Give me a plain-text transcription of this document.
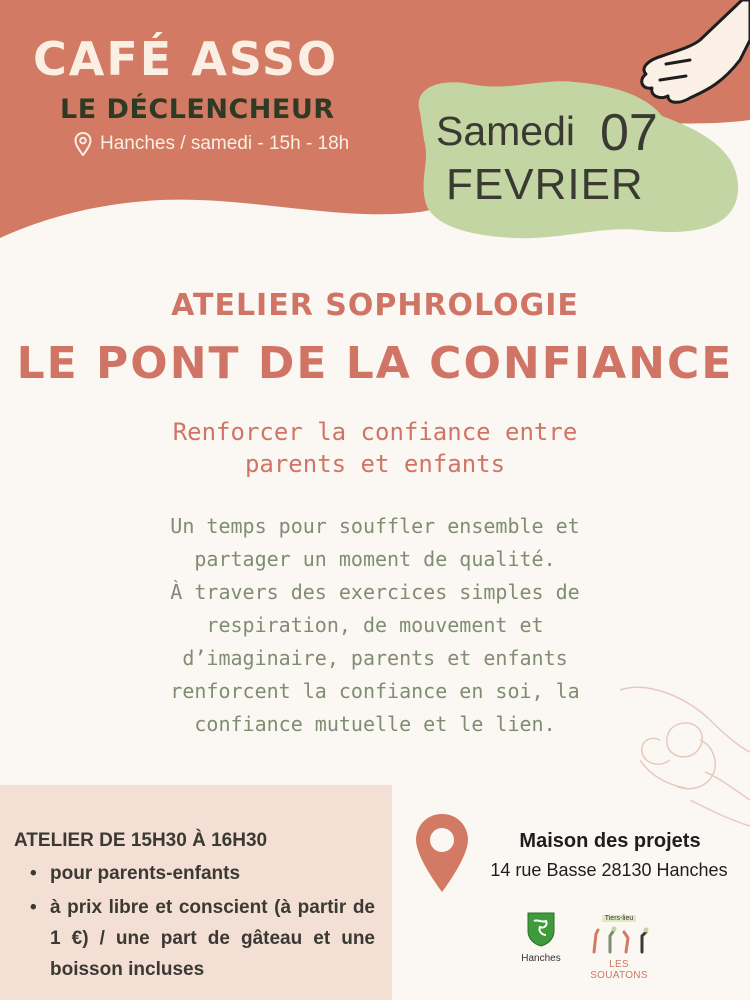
CAFÉ ASSO
LE DÉCLENCHEUR
Hanches / samedi - 15h - 18h Samedi 07
FEVRIER
ATELIER SOPHROLOGIE
LE PONT DE LA CONFIANCE
Renforcer la confiance entre
parents et enfants
Un temps pour souffler ensemble et
partager un moment de qualité.
À travers des exercices simples de
respiration, de mouvement et
d’imaginaire, parents et enfants
renforcent la confiance en soi, la
confiance mutuelle et le lien.
ATELIER DE 15H30 À 16H30
• pour parents-enfants
• à prix libre et conscient (à partir de 1 €) / une part de gâteau et une boisson incluses
Maison des projets
14 rue Basse 28130 Hanches
Hanches
Tiers-lieu
LES SOUATONS
